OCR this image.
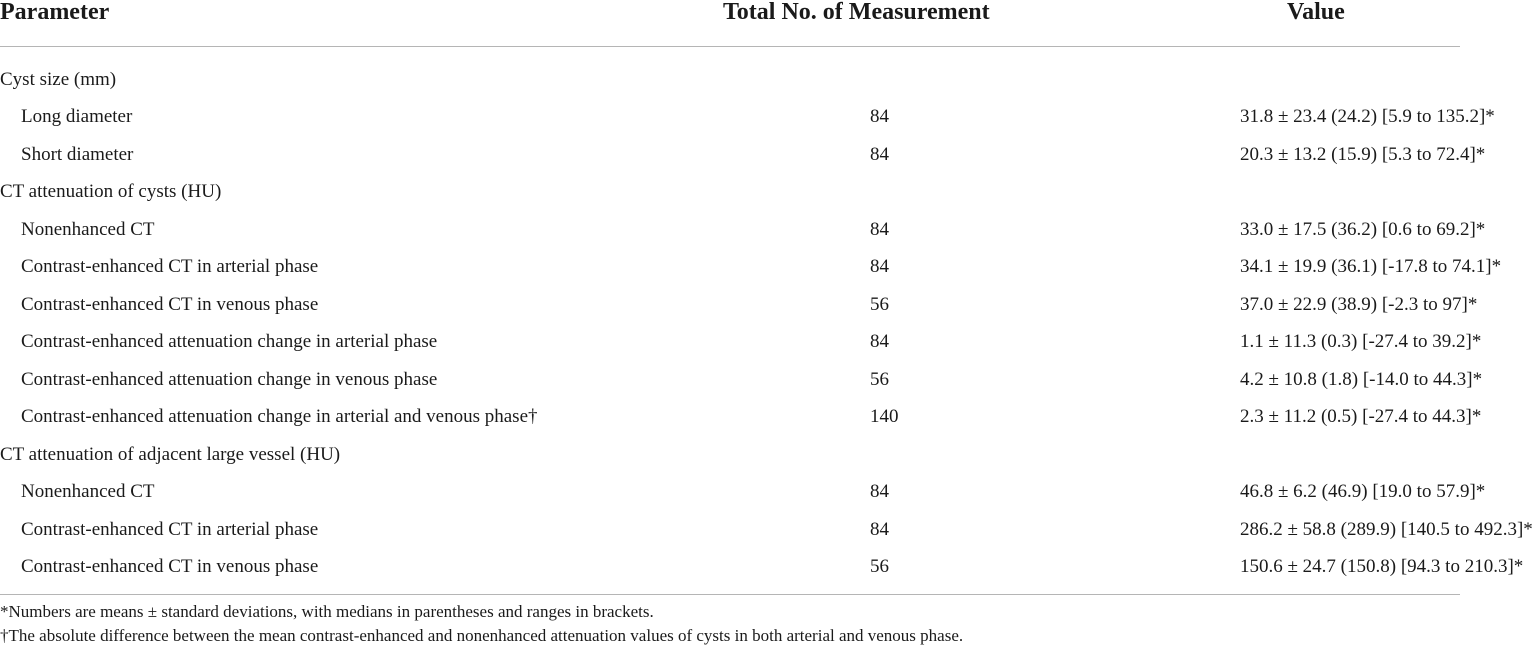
Parameter	Total No. of Measurement	Value
Cyst size (mm)		
Long diameter	84	31.8 ± 23.4 (24.2) [5.9 to 135.2]*
Short diameter	84	20.3 ± 13.2 (15.9) [5.3 to 72.4]*
CT attenuation of cysts (HU)		
Nonenhanced CT	84	33.0 ± 17.5 (36.2) [0.6 to 69.2]*
Contrast-enhanced CT in arterial phase	84	34.1 ± 19.9 (36.1) [-17.8 to 74.1]*
Contrast-enhanced CT in venous phase	56	37.0 ± 22.9 (38.9) [-2.3 to 97]*
Contrast-enhanced attenuation change in arterial phase	84	1.1 ± 11.3 (0.3) [-27.4 to 39.2]*
Contrast-enhanced attenuation change in venous phase	56	4.2 ± 10.8 (1.8) [-14.0 to 44.3]*
Contrast-enhanced attenuation change in arterial and venous phase†	140	2.3 ± 11.2 (0.5) [-27.4 to 44.3]*
CT attenuation of adjacent large vessel (HU)		
Nonenhanced CT	84	46.8 ± 6.2 (46.9) [19.0 to 57.9]*
Contrast-enhanced CT in arterial phase	84	286.2 ± 58.8 (289.9) [140.5 to 492.3]*
Contrast-enhanced CT in venous phase	56	150.6 ± 24.7 (150.8) [94.3 to 210.3]*

*Numbers are means ± standard deviations, with medians in parentheses and ranges in brackets.

†The absolute difference between the mean contrast-enhanced and nonenhanced attenuation values of cysts in both arterial and venous phase.
